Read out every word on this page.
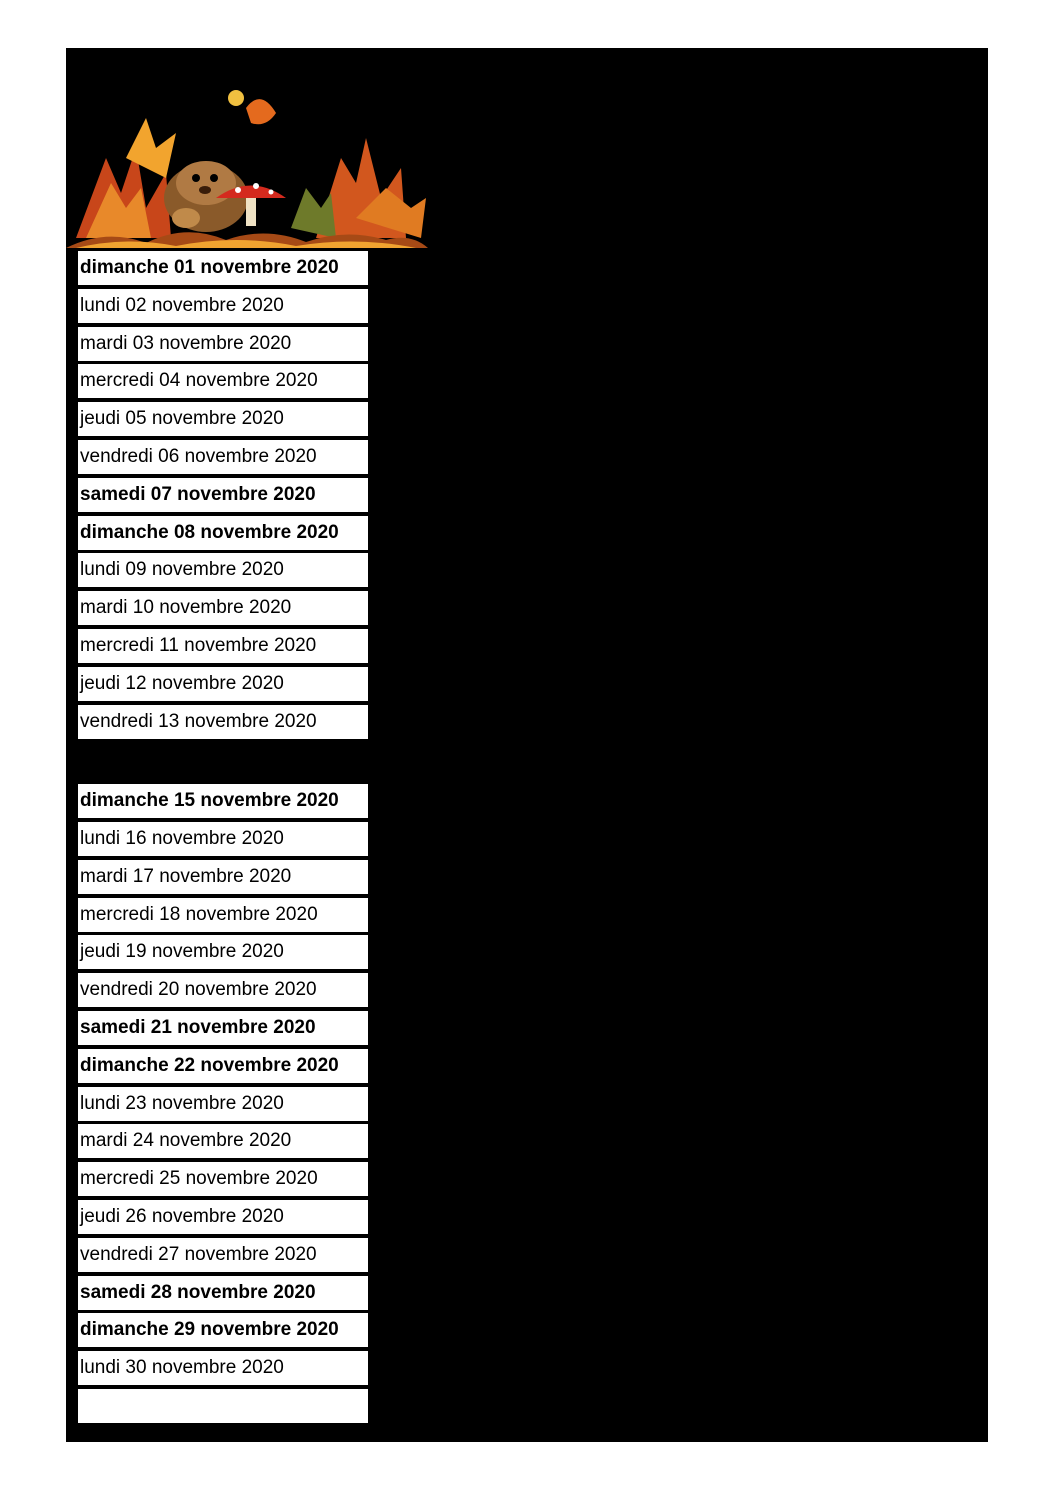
dimanche 01 novembre 2020
lundi 02 novembre 2020
mardi 03 novembre 2020
mercredi 04 novembre 2020
jeudi 05 novembre 2020
vendredi 06 novembre 2020
samedi 07 novembre 2020
dimanche 08 novembre 2020
lundi 09 novembre 2020
mardi 10 novembre 2020
mercredi 11 novembre 2020
jeudi 12 novembre 2020
vendredi 13 novembre 2020
dimanche 15 novembre 2020
lundi 16 novembre 2020
mardi 17 novembre 2020
mercredi 18 novembre 2020
jeudi 19 novembre 2020
vendredi 20 novembre 2020
samedi 21 novembre 2020
dimanche 22 novembre 2020
lundi 23 novembre 2020
mardi 24 novembre 2020
mercredi 25 novembre 2020
jeudi 26 novembre 2020
vendredi 27 novembre 2020
samedi 28 novembre 2020
dimanche 29 novembre 2020
lundi 30 novembre 2020
